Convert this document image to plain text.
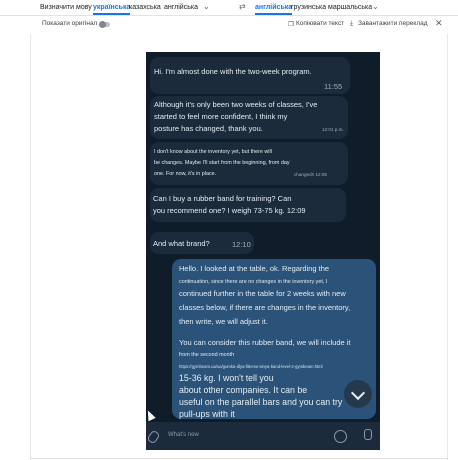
Визначити мову українська
казахська англійська ⌄	⇄ англійська
грузинська маршальська ⌄
Показати оригінал	❐ Копіювати текст ⤓ Завантажити переклад ✕
Hi. I'm almost done with the two-week program.
11:55
Although it's only been two weeks of classes, I've
started to feel more confident, I think my
posture has changed, thank you.	12:01 p.m.
I don't know about the inventory yet, but there will
be changes. Maybe I'll start from the beginning, from day
one. For now, it's in place.	changed!! 12:05
Can I buy a rubber band for training? Can
you recommend one? I weigh 73-75 kg. 12:09
And what brand?	12:10
Hello. I looked at the table, ok. Regarding the
continuation, since there are no changes in the inventory yet, I
continued further in the table for 2 weeks with new
classes below, if there are changes in the inventory,
then write, we will adjust it.
You can consider this rubber band, we will include it
from the second month
https://gymbeam.ua/ua/gumka-dlya-fitnesu-sinya-band-level-2-gymbeam.html
15-36 kg. I won't tell you
about other companies. It can be
useful on the parallel bars and you can try
pull-ups with it
What's new
